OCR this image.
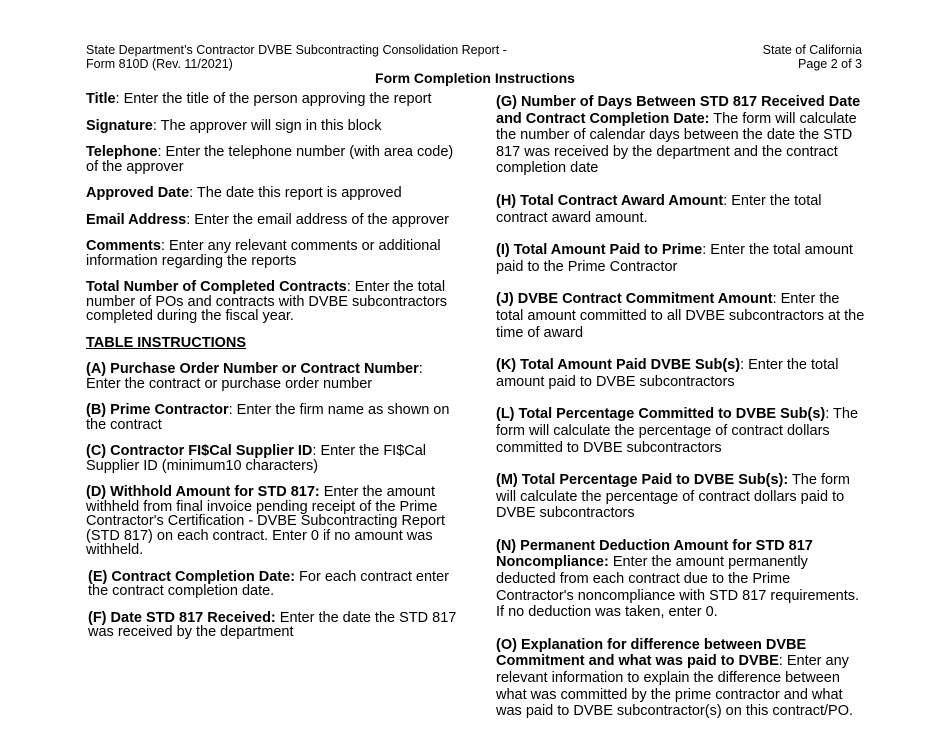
State Department’s Contractor DVBE Subcontracting Consolidation Report -
Form 810D (Rev. 11/2021)
State of California
Page 2 of 3
Form Completion Instructions
Title: Enter the title of the person approving the report
Signature: The approver will sign in this block
Telephone: Enter the telephone number (with area code) of the approver
Approved Date: The date this report is approved
Email Address: Enter the email address of the approver
Comments: Enter any relevant comments or additional information regarding the reports
Total Number of Completed Contracts: Enter the total number of POs and contracts with DVBE subcontractors completed during the fiscal year.
TABLE INSTRUCTIONS
(A) Purchase Order Number or Contract Number: Enter the contract or purchase order number
(B) Prime Contractor: Enter the firm name as shown on the contract
(C) Contractor FI$Cal Supplier ID: Enter the FI$Cal Supplier ID (minimum10 characters)
(D) Withhold Amount for STD 817: Enter the amount withheld from final invoice pending receipt of the Prime Contractor's Certification - DVBE Subcontracting Report (STD 817) on each contract. Enter 0 if no amount was withheld.
(E) Contract Completion Date: For each contract enter the contract completion date.
(F) Date STD 817 Received: Enter the date the STD 817 was received by the department
(G) Number of Days Between STD 817 Received Date and Contract Completion Date: The form will calculate the number of calendar days between the date the STD 817 was received by the department and the contract completion date
(H) Total Contract Award Amount: Enter the total contract award amount.
(I) Total Amount Paid to Prime: Enter the total amount paid to the Prime Contractor
(J) DVBE Contract Commitment Amount: Enter the total amount committed to all DVBE subcontractors at the time of award
(K) Total Amount Paid DVBE Sub(s): Enter the total amount paid to DVBE subcontractors
(L) Total Percentage Committed to DVBE Sub(s): The form will calculate the percentage of contract dollars committed to DVBE subcontractors
(M) Total Percentage Paid to DVBE Sub(s): The form will calculate the percentage of contract dollars paid to DVBE subcontractors
(N) Permanent Deduction Amount for STD 817 Noncompliance: Enter the amount permanently deducted from each contract due to the Prime Contractor's noncompliance with STD 817 requirements. If no deduction was taken, enter 0.
(O) Explanation for difference between DVBE Commitment and what was paid to DVBE: Enter any relevant information to explain the difference between what was committed by the prime contractor and what was paid to DVBE subcontractor(s) on this contract/PO.
